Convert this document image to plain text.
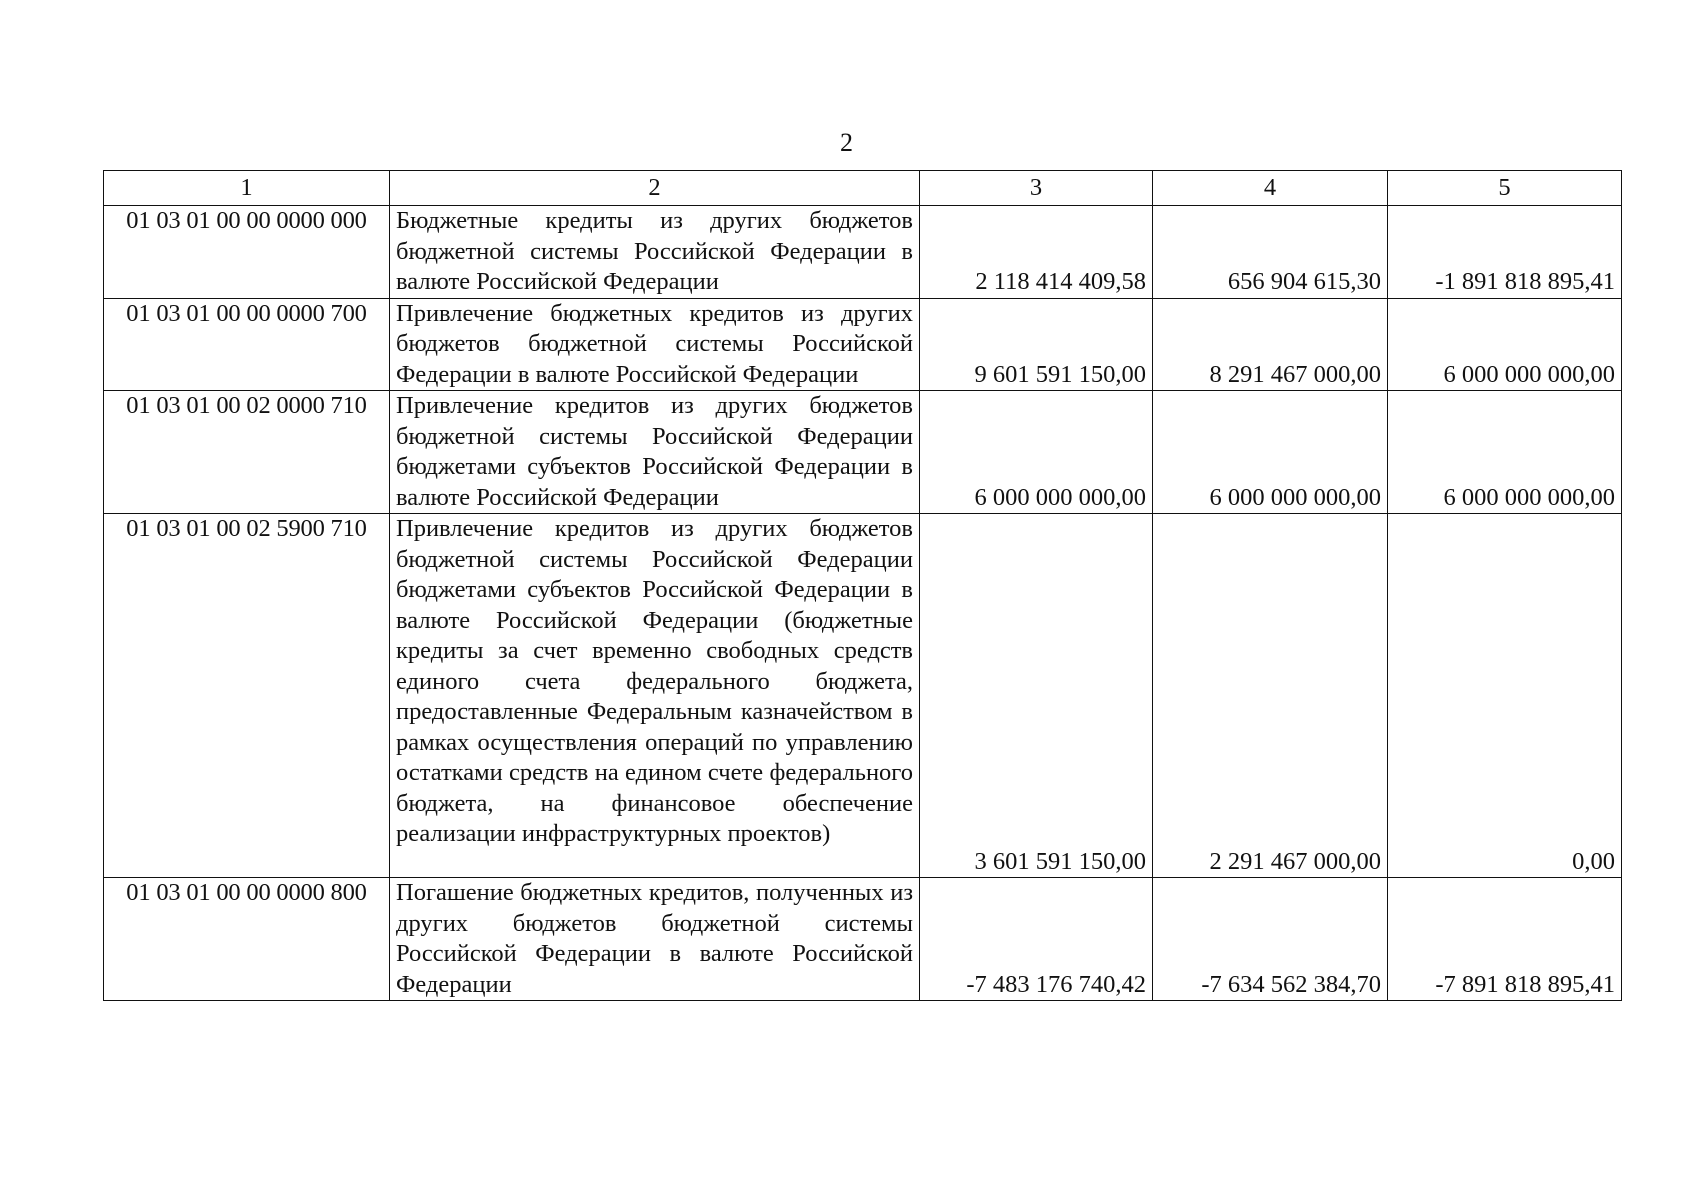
2
1	2	3	4	5
01 03 01 00 00 0000 000	Бюджетные кредиты из других бюджетов бюджетной системы Российской Федерации в валюте Российской Федерации	2 118 414 409,58	656 904 615,30	-1 891 818 895,41
01 03 01 00 00 0000 700	Привлечение бюджетных кредитов из других бюджетов бюджетной системы Российской Федерации в валюте Российской Федерации	9 601 591 150,00	8 291 467 000,00	6 000 000 000,00
01 03 01 00 02 0000 710	Привлечение кредитов из других бюджетов бюджетной системы Российской Федерации бюджетами субъектов Российской Федерации в валюте Российской Федерации	6 000 000 000,00	6 000 000 000,00	6 000 000 000,00
01 03 01 00 02 5900 710	Привлечение кредитов из других бюджетов бюджетной системы Российской Федерации бюджетами субъектов Российской Федерации в валюте Российской Федерации (бюджетные кредиты за счет временно свободных средств единого счета федерального бюджета, предоставленные Федеральным казначейством в рамках осуществления операций по управлению остатками средств на едином счете федерального бюджета, на финансовое обеспечение реализации инфраструктурных проектов)	3 601 591 150,00	2 291 467 000,00	0,00
01 03 01 00 00 0000 800	Погашение бюджетных кредитов, полученных из других бюджетов бюджетной системы Российской Федерации в валюте Российской Федерации	-7 483 176 740,42	-7 634 562 384,70	-7 891 818 895,41
